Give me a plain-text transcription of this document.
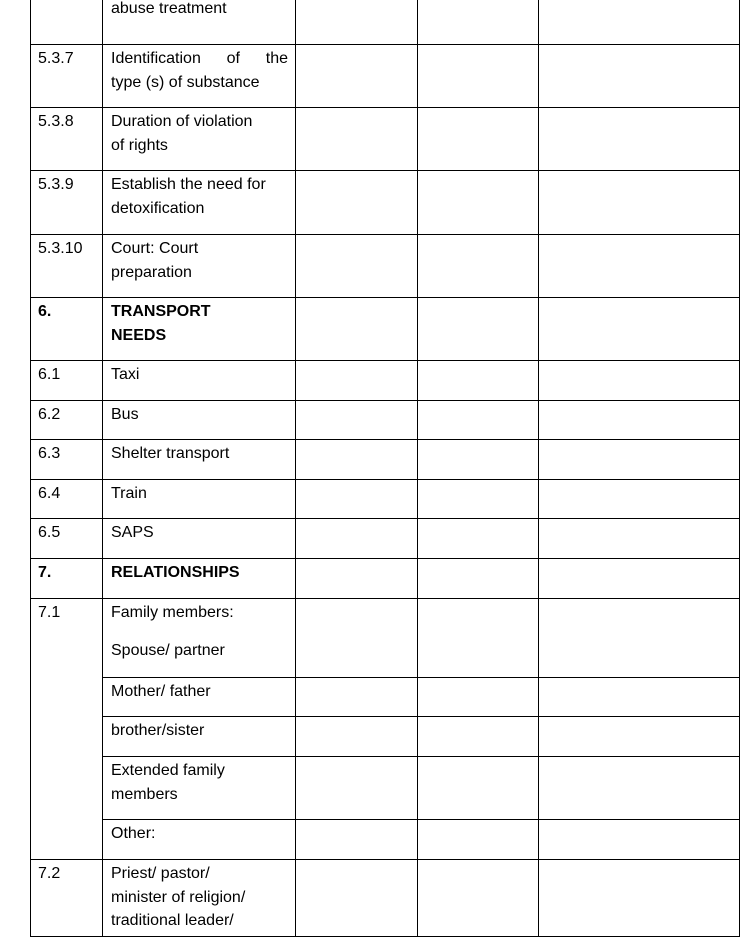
	abuse treatment			

5.3.7	Identification of the
type (s) of substance			

5.3.8	Duration of violation
of rights			

5.3.9	Establish the need for
detoxification			

5.3.10	Court: Court
preparation			

6.	TRANSPORT
NEEDS			

6.1	Taxi			

6.2	Bus			

6.3	Shelter transport			

6.4	Train			

6.5	SAPS			

7.	RELATIONSHIPS			

7.1	Family members:
Spouse/ partner			

	Mother/ father			

	brother/sister			

	Extended family
members			

	Other:			

7.2	Priest/ pastor/
minister of religion/
traditional leader/			
